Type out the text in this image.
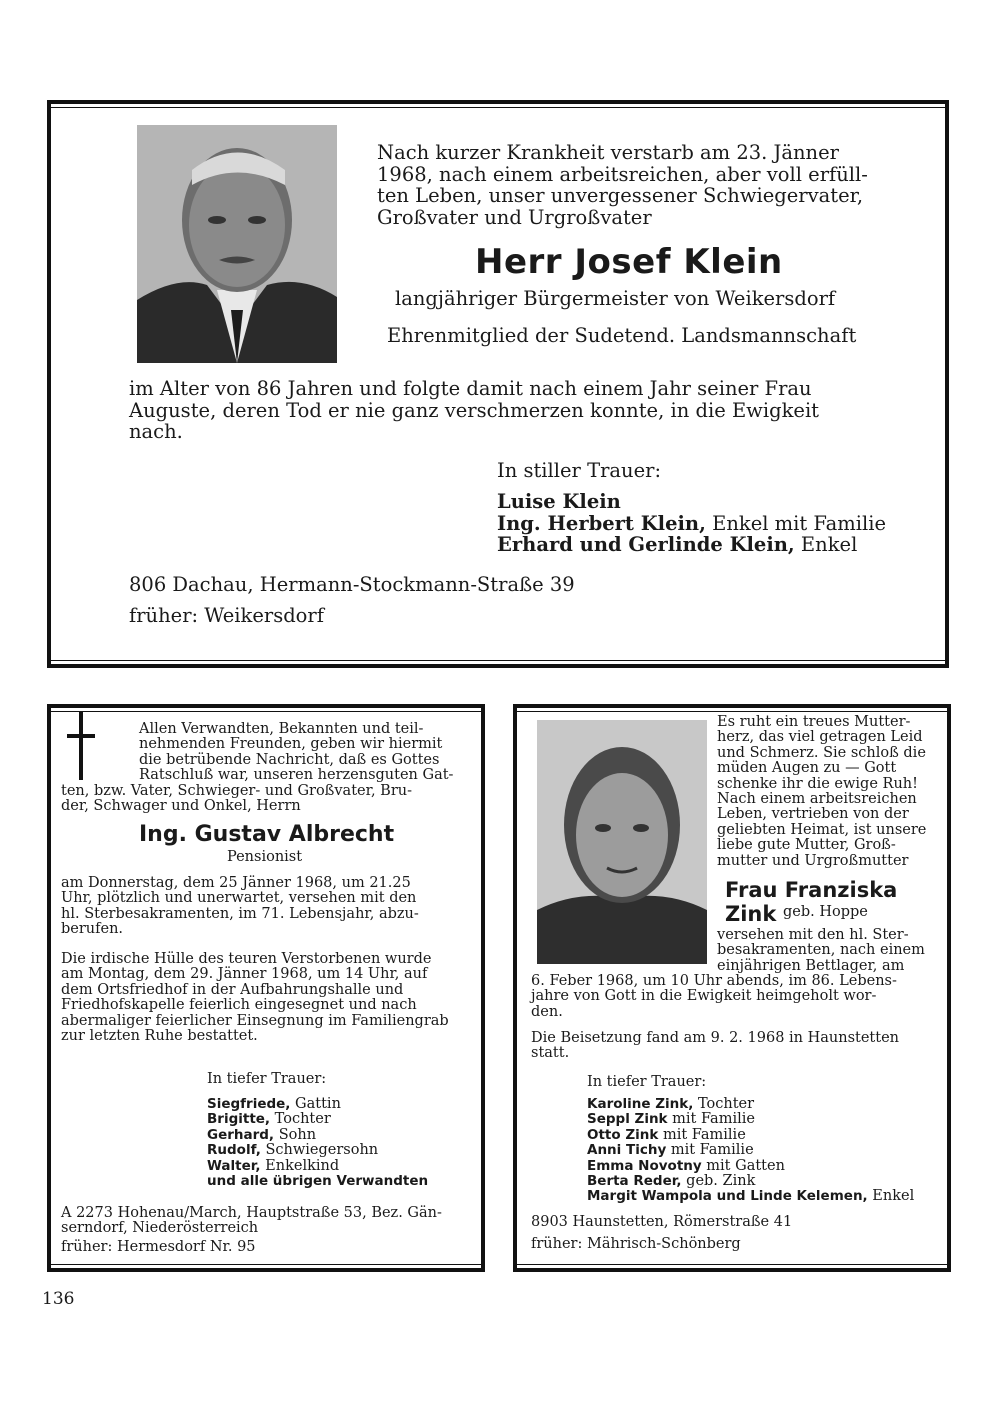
Nach kurzer Krankheit verstarb am 23. Jänner
1968, nach einem arbeitsreichen, aber voll erfüll-
ten Leben, unser unvergessener Schwiegervater,
Großvater und Urgroßvater
Herr Josef Klein
langjähriger Bürgermeister von Weikersdorf
Ehrenmitglied der Sudetend. Landsmannschaft
im Alter von 86 Jahren und folgte damit nach einem Jahr seiner Frau
Auguste, deren Tod er nie ganz verschmerzen konnte, in die Ewigkeit
nach.
In stiller Trauer:
Luise Klein
Ing. Herbert Klein, Enkel mit Familie
Erhard und Gerlinde Klein, Enkel
806 Dachau, Hermann-Stockmann-Straße 39
früher: Weikersdorf
Allen Verwandten, Bekannten und teil-
nehmenden Freunden, geben wir hiermit
die betrübende Nachricht, daß es Gottes
Ratschluß war, unseren herzensguten Gat-
ten, bzw. Vater, Schwieger- und Großvater, Bru-
der, Schwager und Onkel, Herrn
Ing. Gustav Albrecht
Pensionist
am Donnerstag, dem 25 Jänner 1968, um 21.25
Uhr, plötzlich und unerwartet, versehen mit den
hl. Sterbesakramenten, im 71. Lebensjahr, abzu-
berufen.
Die irdische Hülle des teuren Verstorbenen wurde
am Montag, dem 29. Jänner 1968, um 14 Uhr, auf
dem Ortsfriedhof in der Aufbahrungshalle und
Friedhofskapelle feierlich eingesegnet und nach
abermaliger feierlicher Einsegnung im Familiengrab
zur letzten Ruhe bestattet.
In tiefer Trauer:
Siegfriede, Gattin
Brigitte, Tochter
Gerhard, Sohn
Rudolf, Schwiegersohn
Walter, Enkelkind
und alle übrigen Verwandten
A 2273 Hohenau/March, Hauptstraße 53, Bez. Gän-
serndorf, Niederösterreich
früher: Hermesdorf Nr. 95
Es ruht ein treues Mutter-
herz, das viel getragen Leid
und Schmerz. Sie schloß die
müden Augen zu — Gott
schenke ihr die ewige Ruh!
Nach einem arbeitsreichen
Leben, vertrieben von der
geliebten Heimat, ist unsere
liebe gute Mutter, Groß-
mutter und Urgroßmutter
Frau Franziska Zink geb. Hoppe
versehen mit den hl. Ster-
besakramenten, nach einem
einjährigen Bettlager, am
6. Feber 1968, um 10 Uhr abends, im 86. Lebens-
jahre von Gott in die Ewigkeit heimgeholt wor-
den.
Die Beisetzung fand am 9. 2. 1968 in Haunstetten
statt.
In tiefer Trauer:
Karoline Zink, Tochter
Seppl Zink mit Familie
Otto Zink mit Familie
Anni Tichy mit Familie
Emma Novotny mit Gatten
Berta Reder, geb. Zink
Margit Wampola und Linde Kelemen, Enkel
8903 Haunstetten, Römerstraße 41
früher: Mährisch-Schönberg
136
